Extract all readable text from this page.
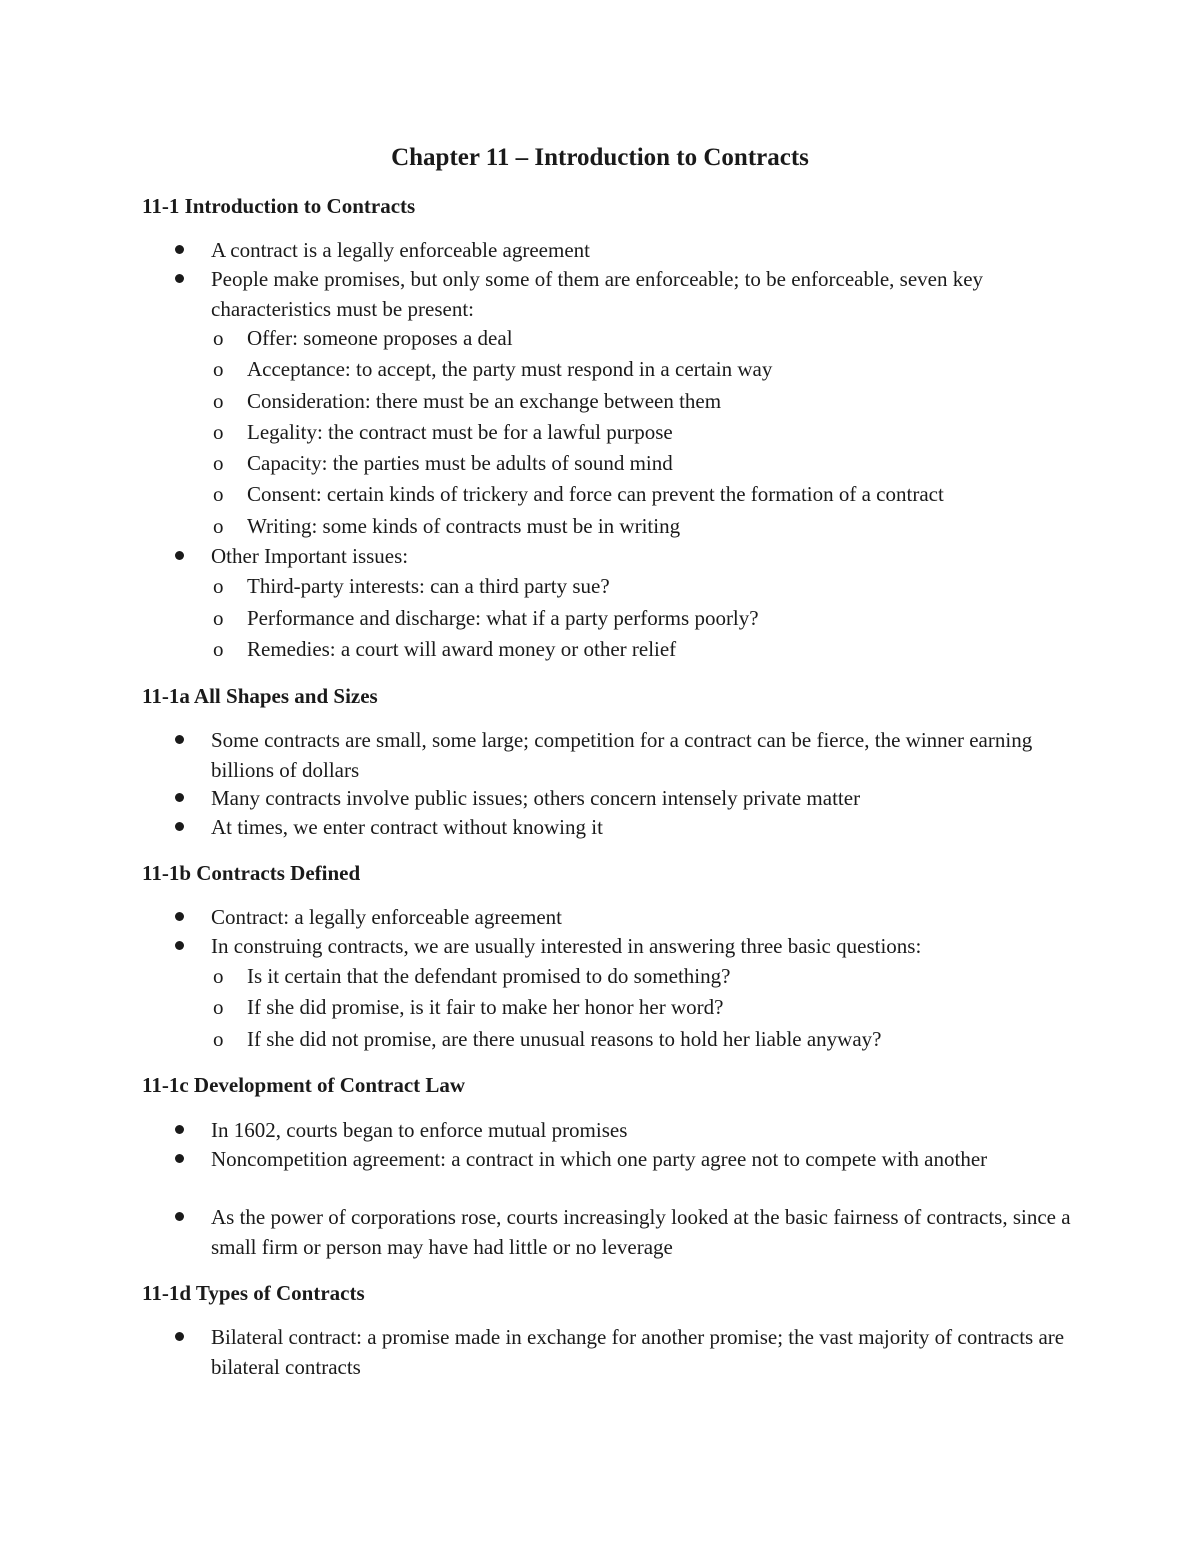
Chapter 11 – Introduction to Contracts
11-1 Introduction to Contracts
A contract is a legally enforceable agreement
People make promises, but only some of them are enforceable; to be enforceable, seven key characteristics must be present:
o Offer: someone proposes a deal
o Acceptance: to accept, the party must respond in a certain way
o Consideration: there must be an exchange between them
o Legality: the contract must be for a lawful purpose
o Capacity: the parties must be adults of sound mind
o Consent: certain kinds of trickery and force can prevent the formation of a contract
o Writing: some kinds of contracts must be in writing
Other Important issues:
o Third-party interests: can a third party sue?
o Performance and discharge: what if a party performs poorly?
o Remedies: a court will award money or other relief
11-1a All Shapes and Sizes
Some contracts are small, some large; competition for a contract can be fierce, the winner earning billions of dollars
Many contracts involve public issues; others concern intensely private matter
At times, we enter contract without knowing it
11-1b Contracts Defined
Contract: a legally enforceable agreement
In construing contracts, we are usually interested in answering three basic questions:
o Is it certain that the defendant promised to do something?
o If she did promise, is it fair to make her honor her word?
o If she did not promise, are there unusual reasons to hold her liable anyway?
11-1c Development of Contract Law
In 1602, courts began to enforce mutual promises
Noncompetition agreement: a contract in which one party agree not to compete with another
As the power of corporations rose, courts increasingly looked at the basic fairness of contracts, since a small firm or person may have had little or no leverage
11-1d Types of Contracts
Bilateral contract: a promise made in exchange for another promise; the vast majority of contracts are bilateral contracts
